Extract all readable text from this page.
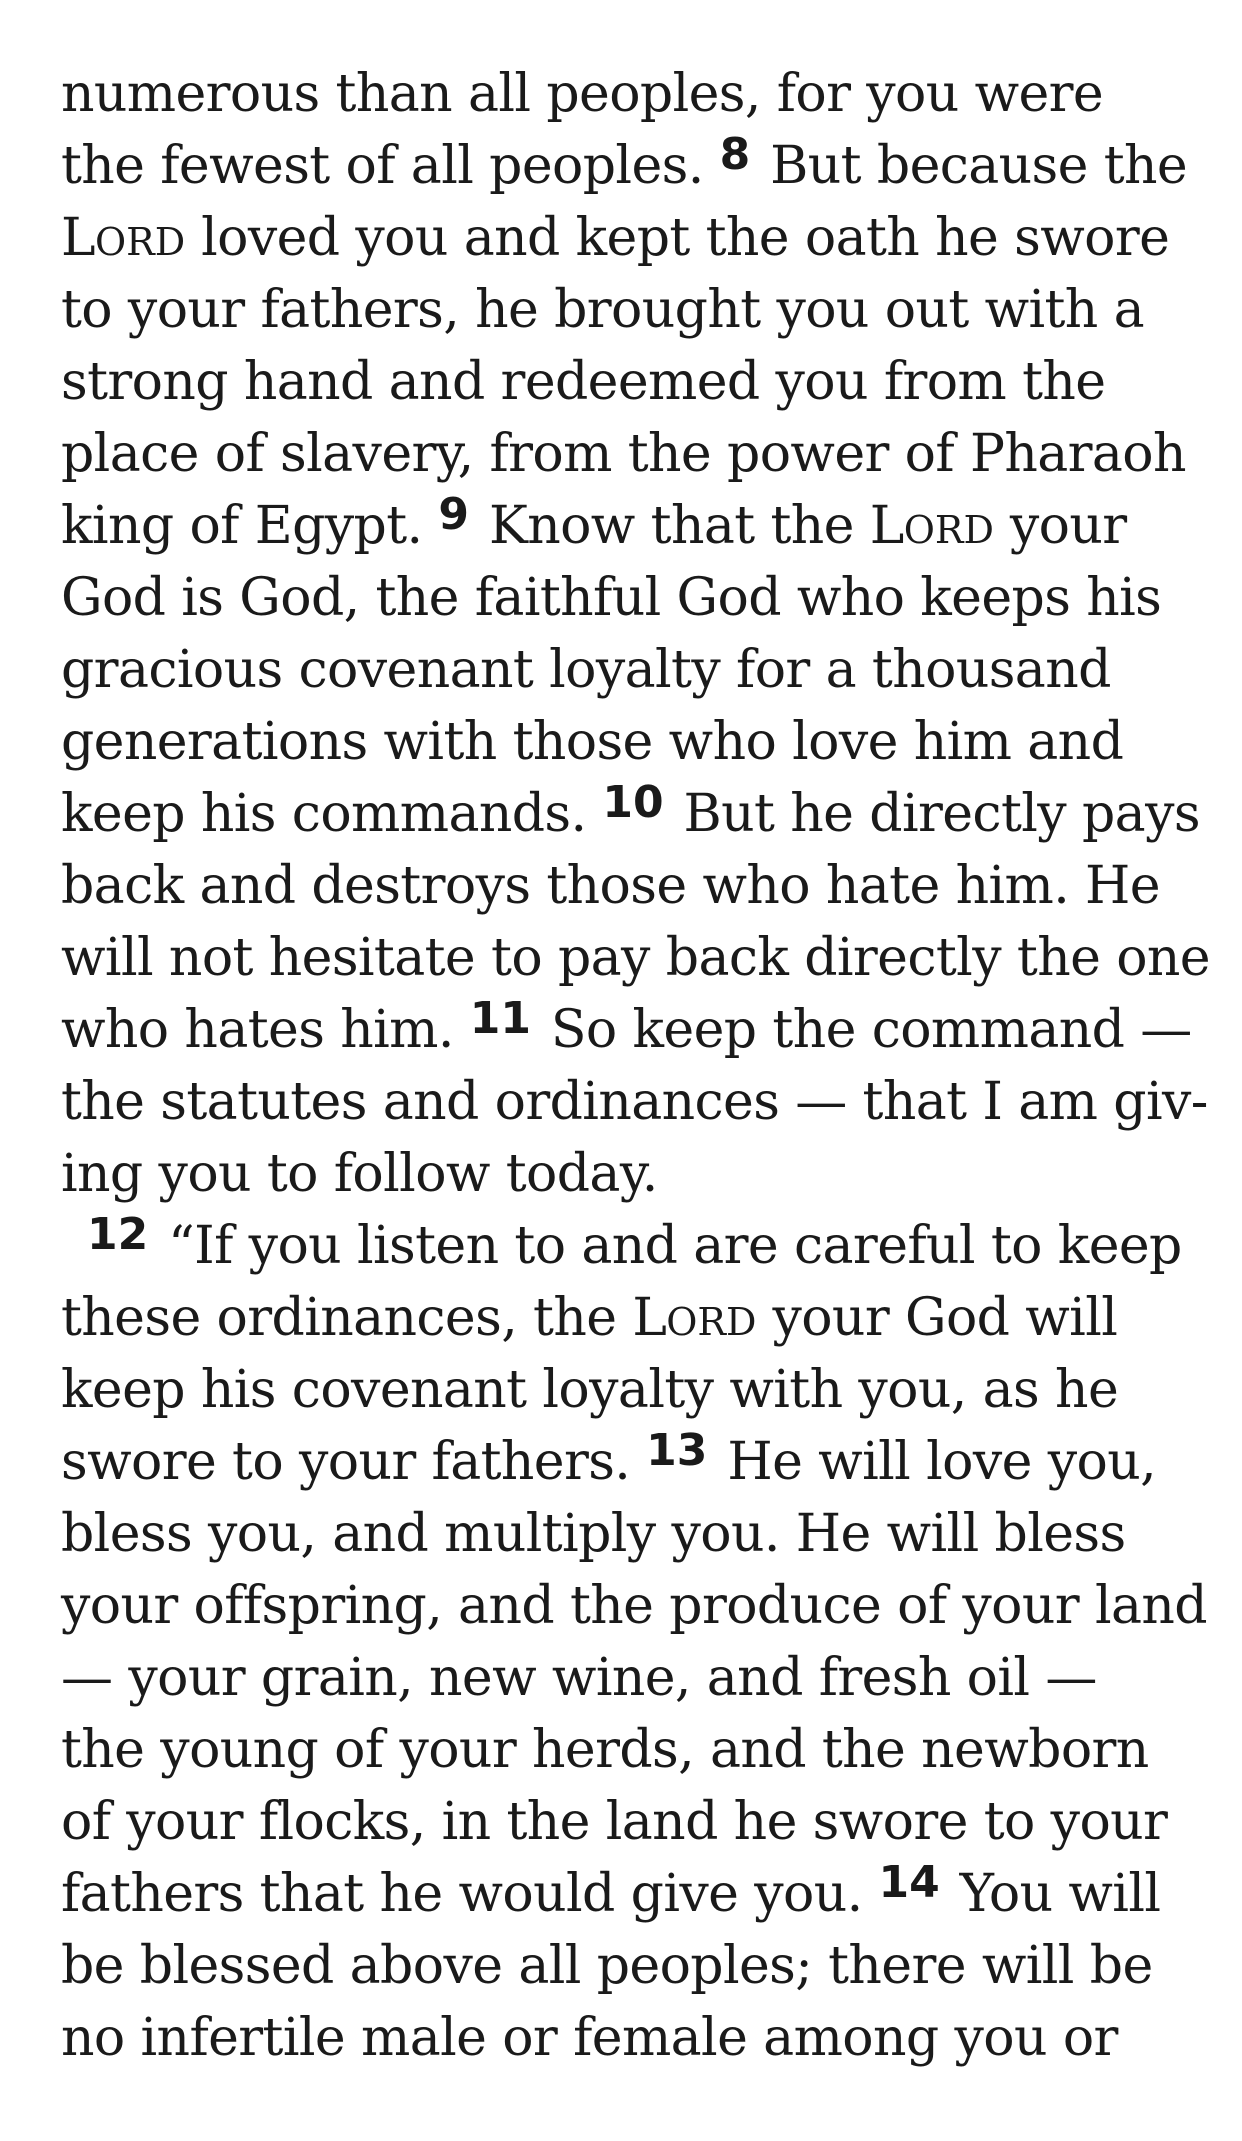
numerous than all peoples, for you were
the fewest of all peoples. $^8$ But because the
LORD loved you and kept the oath he swore
to your fathers, he brought you out with a
strong hand and redeemed you from the
place of slavery, from the power of Pharaoh
king of Egypt. $^9$ Know that the LORD your
God is God, the faithful God who keeps his
gracious covenant loyalty for a thousand
generations with those who love him and
keep his commands. $^{10}$ But he directly pays
back and destroys those who hate him. He
will not hesitate to pay back directly the one
who hates him. $^{11}$ So keep the command —
the statutes and ordinances — that I am giv-
ing you to follow today.
$^{12}$ “If you listen to and are careful to keep
these ordinances, the LORD your God will
keep his covenant loyalty with you, as he
swore to your fathers. $^{13}$ He will love you,
bless you, and multiply you. He will bless
your offspring, and the produce of your land
— your grain, new wine, and fresh oil —
the young of your herds, and the newborn
of your flocks, in the land he swore to your
fathers that he would give you. $^{14}$ You will
be blessed above all peoples; there will be
no infertile male or female among you or
